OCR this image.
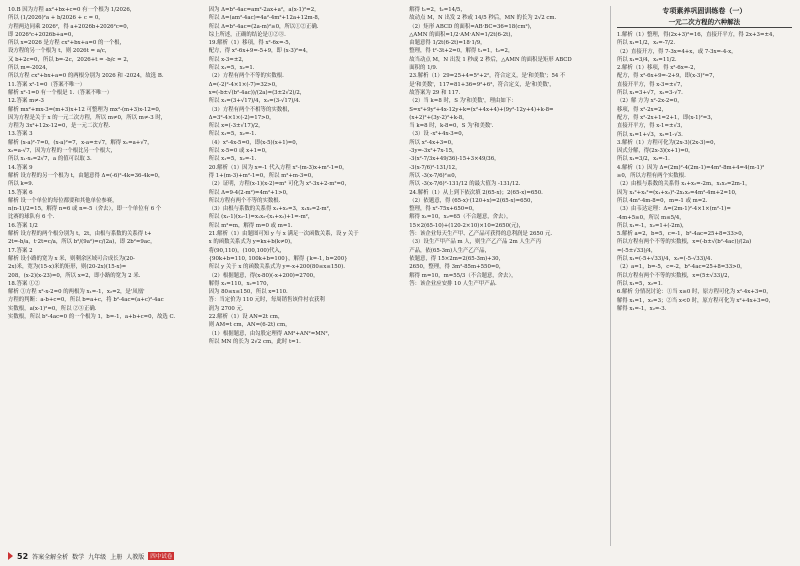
10.B 因为方程 ax²+bx+c=0 有一个根为 1/2026，
所以 (1/2026)²a + b/2026 + c = 0，
方程两边同乘 2026²，得 a+2026b+2026²c=0，
即 2026²c+2026b+a=0，
所以 x=2026 是方程 cx²+bx+a=0 的一个根，
设方程的另一个根为 t，则 2026t = a/c，
又 b+2c=0，所以 b=-2c，2026+t = -b/c = 2，
所以 m=-2024，
所以方程 cx²+bx+a=0 的两根分别为 2026 和 -2024，故选 B.
11.答案 x²-1=0（答案不唯一）
解析 x²-1=0 有一个根是 1.（答案不唯一）
12.答案 m≠-3
解析 mx²+mx-3=(m+3)x+12 可整理为 mx²-(m+3)x-12=0，
因为方程是关于 x 的一元二次方程，所以 m≠0，所以 m≠-3 时，
方程为 3x²+12x-12=0，是一元二次方程.
13.答案 3
解析 (x-a)²-7=0，(x-a)²=7，x-a=±√7，解得 x₁=a+√7，
x₂=a-√7，因为方程的一个根比另一个根大，
所以 x₁-x₂=2√7，a 的值可以取 3.
14.答案 9
解析 设方程的另一个根为 t，由题意得 Δ=(-6)²-4k=36-4k=0，
所以 k=9.
15.答案 6
解析 设一个单位的每位都要和其他单位参赛，
n(n-1)/2=15，解得 n=6 或 n=-5（舍去），即一个单位有 6 个
比赛的球队有 6 个.
16.答案 1/2
解析 设方程的两个根分别为 t，2t，由根与系数的关系得 t+
2t=-b/a，t·2t=c/a，所以 b²/(9a²)=c/(2a)，即 2b²=9ac，
17.答案 2
解析 设小路的宽为 x 米，则剩余区域可合成长为(20-
2x)米，宽为(15-x)米的矩形，则(20-2x)(15-x)=
208，(x-2)(x-23)=0，所以 x=2，即小路的宽为 2 米.
18.答案 ①②
解析 ①方程 x²-x-2=0 的两根为 x₁=-1，x₂=2，是'凤凰'
方程的判断：a-b+c=0，所以 b=a+c，将 b²-4ac=(a+c)²-4ac
实数根，a(x-1)²=0，所以 ②③正确.
实数根，所以 b²-4ac=0 的一个根为 1，b=-1，a+b+c=0，故选 C.
因为 Δ=b²-4ac=am²-2ax+a²，a(x-1)²=2，
所以 Δ=(am²-4ac)=4a²-4m²+12a+12m-8，
所以 Δ=b²-4ac=(2a-m)²≥0，所以①②正确.
综上所述，正确的结论是①②③.
19.解析（1）移项，得 x²-6x=-5，
配方，得 x²-6x+9=-5+9，即 (x-3)²=4，
所以 x-3=±2，
所以 x₁=5，x₂=1.
（2）方程有两个不等的实数根.
Δ=(-2)²-4×1×(-7)=32>0，
x=(-b±√(b²-4ac))/(2a)=(3±2√2)/2，
所以 x₁=(3+√17)/4，x₂=(3-√17)/4.
（3）方程有两个不相等的实数根，
Δ=3²-4×1×(-2)=17>0，
所以 x=(-3±√17)/2，
所以 x₁=5，x₂=-1.
（4）x²-4x-5=0，即(x-5)(x+1)=0，
所以 x-5=0 或 x+1=0，
所以 x₁=5，x₂=-1.
20.解析（1）因为 x=-1 代入方程 x²-(m-3)x+m²-1=0，
得 1+(m-3)+m²-1=0，所以 m²+m-3=0，
（2）证明，方程(x-1)(x-2)=m² 可化为 x²-3x+2-m²=0，
所以 Δ=9-4(2-m²)=4m²+1>0，
所以方程有两个不等的实数根.
（3）由根与系数的关系得 x₁+x₂=3，x₁x₂=2-m²，
所以 (x₁-1)(x₂-1)=x₁x₂-(x₁+x₂)+1=-m²，
所以 m²=m，解得 m=0 或 m=1.
21.解析（1）由题图可知 y 与 x 满足一次函数关系，设 y 关于
x 的函数关系式为 y=kx+b(k≠0)，
将(90,110)，(100,100)代入，
{90k+b=110, 100k+b=100}，解得 {k=-1, b=200}
所以 y 关于 x 的函数关系式为 y=-x+200(80≤x≤150).
（2）根据题意，得(x-80)(-x+200)=2700，
解得 x₁=110，x₂=170，
因为 80≤x≤150，所以 x=110.
答：当定价为 110 元时，每周销售该件衬衣获利
润为 2700 元.
22.解析（1）设 AN=2t cm，
则 AM=t cm，AN=(6-2t) cm，
（1）根据题意，由勾股定理得 AM²+AN²=MN²，
所以 MN 的长为 2√2 cm，此时 t=1.
解得 t₁=2，t₂=14/5，
故动点 M，N 出发 2 秒或 14/5 秒后，MN 的长为 2√2 cm.
（2）矩形 ABCD 的面积=AB·BC=36=18(cm²)，
△AMN 的面积=1/2·AM·AN=1/2t(6-2t)，
由题意得 1/2t(6-2t)=18·1/9，
整理，得 t²-3t+2=0，解得 t₁=1，t₂=2，
故当动点 M，N 出发 1 秒或 2 秒后，△AMN 的面积是矩形 ABCD
面积的 1/9.
23.解析（1）29=25+4=5²+2²，符合定义，是'和美数'；54 不
是'和美数'，117=81+36=9²+6²，符合定义，是'和美数'，
故答案为 29 和 117.
（2）当 k=8 时，S 为'和美数'，理由如下：
S=x²+9y²+4x-12y+k=(x²+4x+4)+(9y²-12y+4)+k-8=
(x+2)²+(3y-2)²+k-8，
当 k=8 时，k-8=0，S 为'和美数'.
（3）设 -x²+4x-3=0，
所以 x²-4x+3=0，
-3y=-3x²+7x-15，
-3(x²-7/3x+49/36)-15+3×49/36，
-3(x-7/6)²-131/12，
所以 -3(x-7/6)²≤0，
所以 -3(x-7/6)²-131/12 的最大值为 -131/12.
24.解析（1）从上到下依次填 2(65-x)；2(65-x)=650.
（2）依题意，得 (65-x)·(120+x)=2(65-x)=650，
整理，得 x²-75x+650=0，
解得 x₁=10，x₂=65（不合题意，舍去），
15×2(65-10)+(120-2×10)×10=2650(元)，
答：该企业每天生产甲、乙产品可获得的总利润是 2650 元.
（3）设生产甲产品 m 人，则生产乙产品 2m 人生产丙
产品，依(65-3m)人生产乙产品，
依题意，得 15×2m=2(65-3m)+30，
2650，整理，得 3m²-85m+550=0，
解得 m=10，m=55/3（不合题意，舍去），
答：该企业应安排 10 人生产甲产品.
专项素养巩固训练卷（一）
一元二次方程的六种解法
1.解析（1）整理，得(2x+3)²=16，直接开平方，得 2x+3=±4，
所以 x₁=1/2，x₂=-7/2.
（2）直接开方，得 7-3x=4+x，或 7-3x=-4-x，
所以 x₁=3/4，x₂=11/2.
2.解析（1）移项，得 x²-6x=-2，
配方，得 x²-6x+9=-2+9，即(x-3)²=7，
直接开平方，得 x-3=±√7，
所以 x₁=3+√7，x₂=3-√7.
（2）解 方为 x²-2x-2=0，
移项，得 x²-2x=2，
配方，得 x²-2x+1=2+1，即(x-1)²=3，
直接开平方，得 x-1=±√3，
所以 x₁=1+√3，x₂=1-√3.
3.解析（1）方程可化为(2x-3)(2x-3)=0，
因式分解，得(2x-3)(x+1)=0，
所以 x₁=3/2，x₂=-1.
4.解析（1）因为 Δ=(2m)²-4(2m-1)=4m²-8m+4=4(m-1)²
≥0，所以方程有两个实数根.
（2）由根与系数的关系得 x₁+x₂=-2m，x₁x₂=2m-1，
因为 x₁²+x₂²=(x₁+x₂)²-2x₁x₂=4m²-4m+2=10，
所以 4m²-4m-8=0，m=-1 或 m=2.
（3）由韦达定理：Δ=(2m-1)²-4×1×(m²-1)=
-4m+5≥0，所以 m≤5/4，
所以 x₁=-1，x₂=1+(-2m)，
5.解析 a=2，b=5，c=-1，b²-4ac=25+8=33>0，
所以方程有两个不等的实数根，x=(-b±√(b²-4ac))/(2a)
=(-5±√33)/4，
所以 x₁=(-5+√33)/4，x₂=(-5-√33)/4.
（2）a=1，b=-5，c=-2，b²-4ac=25+8=33>0，
所以方程有两个不等的实数根，x=(5±√33)/2，
所以 x₁=5，x₂=1.
6.解析 分情况讨论：①当 x≥0 时，原方程可化为 x²-4x+3=0，
解得 x₁=1，x₂=3；②当 x<0 时，原方程可化为 x²+4x+3=0，
解得 x₁=-1，x₂=-3.
52 答案全解全析 数学 九年级 上册 人教版	四中试卷
